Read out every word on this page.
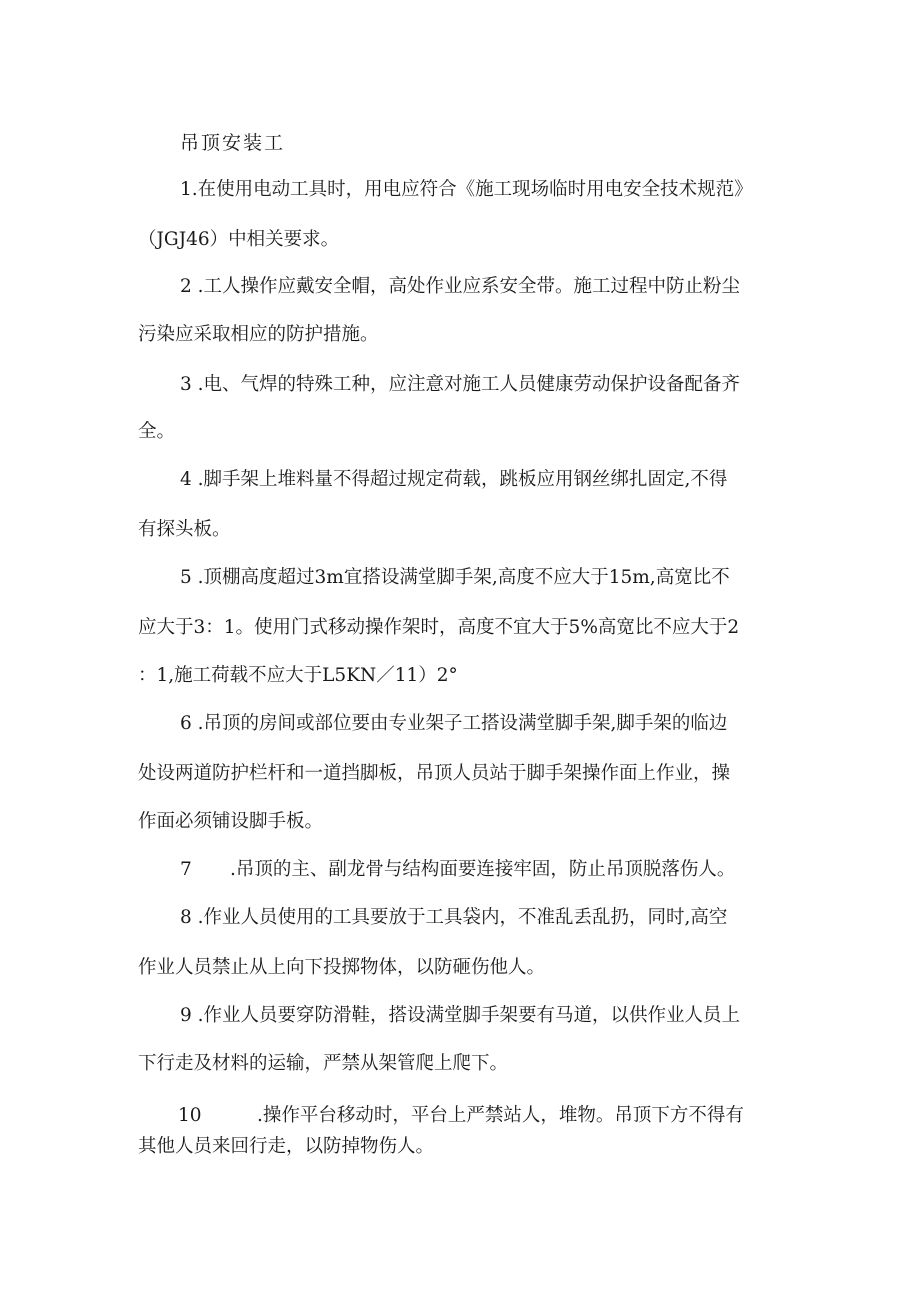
吊顶安装工
1.在使用电动工具时，用电应符合《施工现场临时用电安全技术规范》
（JGJ46）中相关要求。
2 .工人操作应戴安全帽，高处作业应系安全带。施工过程中防止粉尘
污染应采取相应的防护措施。
3 .电、气焊的特殊工种，应注意对施工人员健康劳动保护设备配备齐
全。
4 .脚手架上堆料量不得超过规定荷载，跳板应用钢丝绑扎固定,不得
有探头板。
5 .顶棚高度超过3m宜搭设满堂脚手架,高度不应大于15m,高宽比不
应大于3：1。使用门式移动操作架时，高度不宜大于5%高宽比不应大于2
：1,施工荷载不应大于L5KN／11）2°
6 .吊顶的房间或部位要由专业架子工搭设满堂脚手架,脚手架的临边
处设两道防护栏杆和一道挡脚板，吊顶人员站于脚手架操作面上作业，操
作面必须铺设脚手板。
7 .吊顶的主、副龙骨与结构面要连接牢固，防止吊顶脱落伤人。
8 .作业人员使用的工具要放于工具袋内，不准乱丢乱扔，同时,高空
作业人员禁止从上向下投掷物体，以防砸伤他人。
9 .作业人员要穿防滑鞋，搭设满堂脚手架要有马道，以供作业人员上
下行走及材料的运输，严禁从架管爬上爬下。
10	.操作平台移动时，平台上严禁站人，堆物。吊顶下方不得有
其他人员来回行走，以防掉物伤人。
